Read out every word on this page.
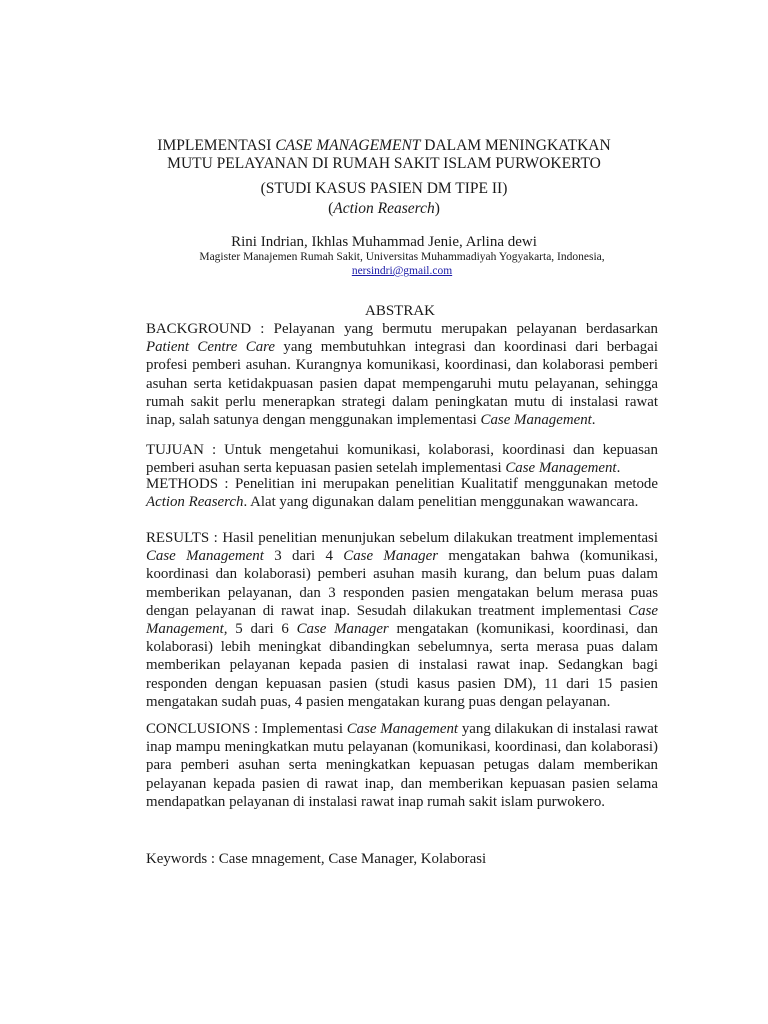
IMPLEMENTASI CASE MANAGEMENT DALAM MENINGKATKAN
MUTU PELAYANAN DI RUMAH SAKIT ISLAM PURWOKERTO
(STUDI KASUS PASIEN DM TIPE II)
(Action Reaserch)
Rini Indrian, Ikhlas Muhammad Jenie, Arlina dewi
Magister Manajemen Rumah Sakit, Universitas Muhammadiyah Yogyakarta, Indonesia,
nersindri@gmail.com
ABSTRAK
BACKGROUND : Pelayanan yang bermutu merupakan pelayanan berdasarkan Patient Centre Care yang membutuhkan integrasi dan koordinasi dari berbagai profesi pemberi asuhan. Kurangnya komunikasi, koordinasi, dan kolaborasi pemberi asuhan serta ketidakpuasan pasien dapat mempengaruhi mutu pelayanan, sehingga rumah sakit perlu menerapkan strategi dalam peningkatan mutu di instalasi rawat inap, salah satunya dengan menggunakan implementasi Case Management.
TUJUAN : Untuk mengetahui komunikasi, kolaborasi, koordinasi dan kepuasan pemberi asuhan serta kepuasan pasien setelah implementasi Case Management.
METHODS : Penelitian ini merupakan penelitian Kualitatif menggunakan metode Action Reaserch. Alat yang digunakan dalam penelitian menggunakan wawancara.
RESULTS : Hasil penelitian menunjukan sebelum dilakukan treatment implementasi Case Management 3 dari 4 Case Manager mengatakan bahwa (komunikasi, koordinasi dan kolaborasi) pemberi asuhan masih kurang, dan belum puas dalam memberikan pelayanan, dan 3 responden pasien mengatakan belum merasa puas dengan pelayanan di rawat inap. Sesudah dilakukan treatment implementasi Case Management, 5 dari 6 Case Manager mengatakan (komunikasi, koordinasi, dan kolaborasi) lebih meningkat dibandingkan sebelumnya, serta merasa puas dalam memberikan pelayanan kepada pasien di instalasi rawat inap. Sedangkan bagi responden dengan kepuasan pasien (studi kasus pasien DM), 11 dari 15 pasien mengatakan sudah puas, 4 pasien mengatakan kurang puas dengan pelayanan.
CONCLUSIONS : Implementasi Case Management yang dilakukan di instalasi rawat inap mampu meningkatkan mutu pelayanan (komunikasi, koordinasi, dan kolaborasi) para pemberi asuhan serta meningkatkan kepuasan petugas dalam memberikan pelayanan kepada pasien di rawat inap, dan memberikan kepuasan pasien selama mendapatkan pelayanan di instalasi rawat inap rumah sakit islam purwokero.
Keywords : Case mnagement, Case Manager, Kolaborasi
